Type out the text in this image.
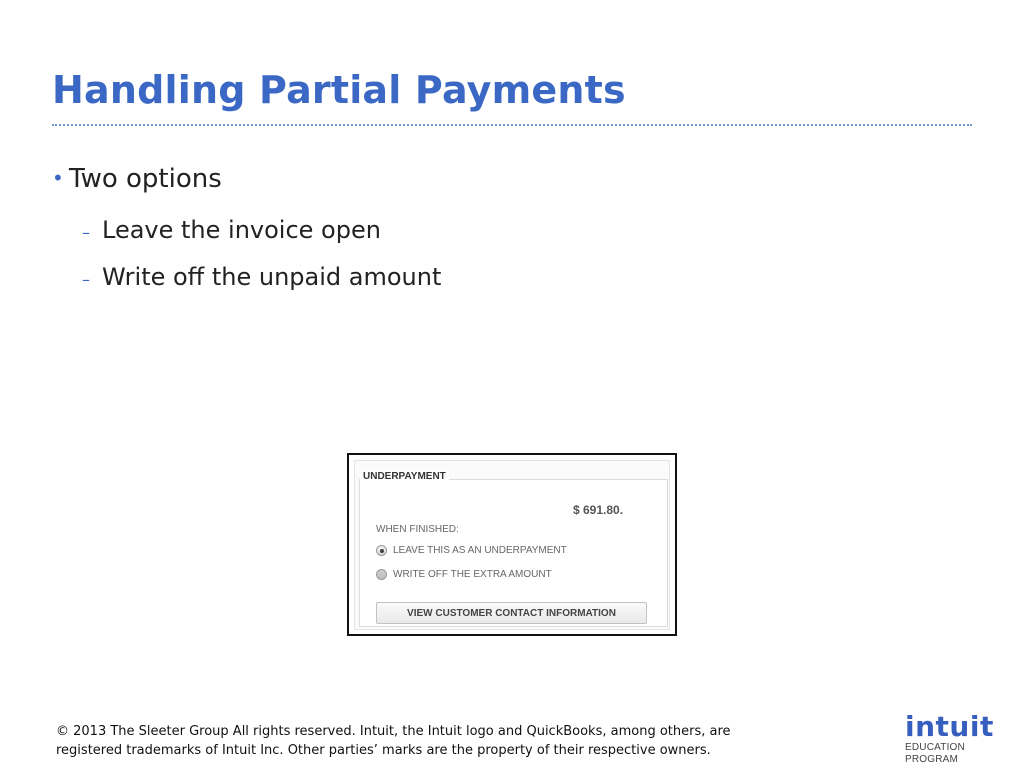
Handling Partial Payments
• Two options
– Leave the invoice open
– Write off the unpaid amount
$ 691.80.
WHEN FINISHED:
LEAVE THIS AS AN UNDERPAYMENT
WRITE OFF THE EXTRA AMOUNT
VIEW CUSTOMER CONTACT INFORMATION
UNDERPAYMENT
© 2013 The Sleeter Group All rights reserved. Intuit, the Intuit logo and QuickBooks, among others, are
registered trademarks of Intuit Inc. Other parties’ marks are the property of their respective owners.
intuit
EDUCATION PROGRAM
